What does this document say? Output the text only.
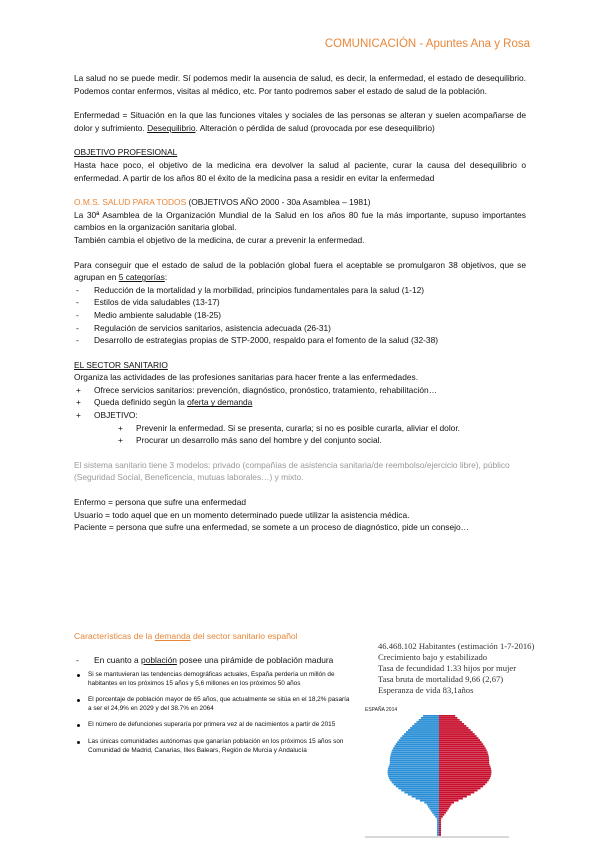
COMUNICACIÓN - Apuntes Ana y Rosa

La salud no se puede medir. Sí podemos medir la ausencia de salud, es decir, la enfermedad, el estado de desequilibrio. Podemos contar enfermos, visitas al médico, etc. Por tanto podremos saber el estado de salud de la población.

Enfermedad = Situación en la que las funciones vitales y sociales de las personas se alteran y suelen acompañarse de dolor y sufrimiento. Desequilibrio. Alteración o pérdida de salud (provocada por ese desequilibrio)

OBJETIVO PROFESIONAL

Hasta hace poco, el objetivo de la medicina era devolver la salud al paciente, curar la causa del desequilibrio o enfermedad. A partir de los años 80 el éxito de la medicina pasa a residir en evitar la enfermedad

O.M.S. SALUD PARA TODOS (OBJETIVOS AÑO 2000 - 30a Asamblea – 1981)

La 30ª Asamblea de la Organización Mundial de la Salud en los años 80 fue la más importante, supuso importantes cambios en la organización sanitaria global.

También cambia el objetivo de la medicina, de curar a prevenir la enfermedad.

Para conseguir que el estado de salud de la población global fuera el aceptable se promulgaron 38 objetivos, que se agrupan en 5 categorías:

- Reducción de la mortalidad y la morbilidad, principios fundamentales para la salud (1-12)
- Estilos de vida saludables (13-17)
- Medio ambiente saludable (18-25)
- Regulación de servicios sanitarios, asistencia adecuada (26-31)
- Desarrollo de estrategias propias de STP-2000, respaldo para el fomento de la salud (32-38)

EL SECTOR SANITARIO

Organiza las actividades de las profesiones sanitarias para hacer frente a las enfermedades.

+ Ofrece servicios sanitarios: prevención, diagnóstico, pronóstico, tratamiento, rehabilitación…
+ Queda definido según la oferta y demanda
+ OBJETIVO:
+ Prevenir la enfermedad. Si se presenta, curarla; si no es posible curarla, aliviar el dolor.
+ Procurar un desarrollo más sano del hombre y del conjunto social.

El sistema sanitario tiene 3 modelos: privado (compañías de asistencia sanitaria/de reembolso/ejercicio libre), público (Seguridad Social, Beneficencia, mutuas laborales…) y mixto.

Enfermo = persona que sufre una enfermedad

Usuario = todo aquel que en un momento determinado puede utilizar la asistencia médica.

Paciente = persona que sufre una enfermedad, se somete a un proceso de diagnóstico, pide un consejo…

Características de la demanda del sector sanitario español

- En cuanto a población posee una pirámide de población madura

Si se mantuvieran las tendencias demográficas actuales, España perdería un millón de habitantes en los próximos 15 años y 5,6 millones en los próximos 50 años
El porcentaje de población mayor de 65 años, que actualmente se sitúa en el 18,2% pasaría a ser el 24,9% en 2029 y del 38.7% en 2064
El número de defunciones superaría por primera vez al de nacimientos a partir de 2015
Las únicas comunidades autónomas que ganarían población en los próximos 15 años son Comunidad de Madrid, Canarias, Illes Balears, Región de Murcia y Andalucía
46.468.102 Habitantes (estimación 1-7-2016)
Crecimiento bajo y estabilizado
Tasa de fecundidad 1.33 hijos por mujer
Tasa bruta de mortalidad 9,66 (2,67)
Esperanza de vida 83,1años
ESPAÑA 2014
